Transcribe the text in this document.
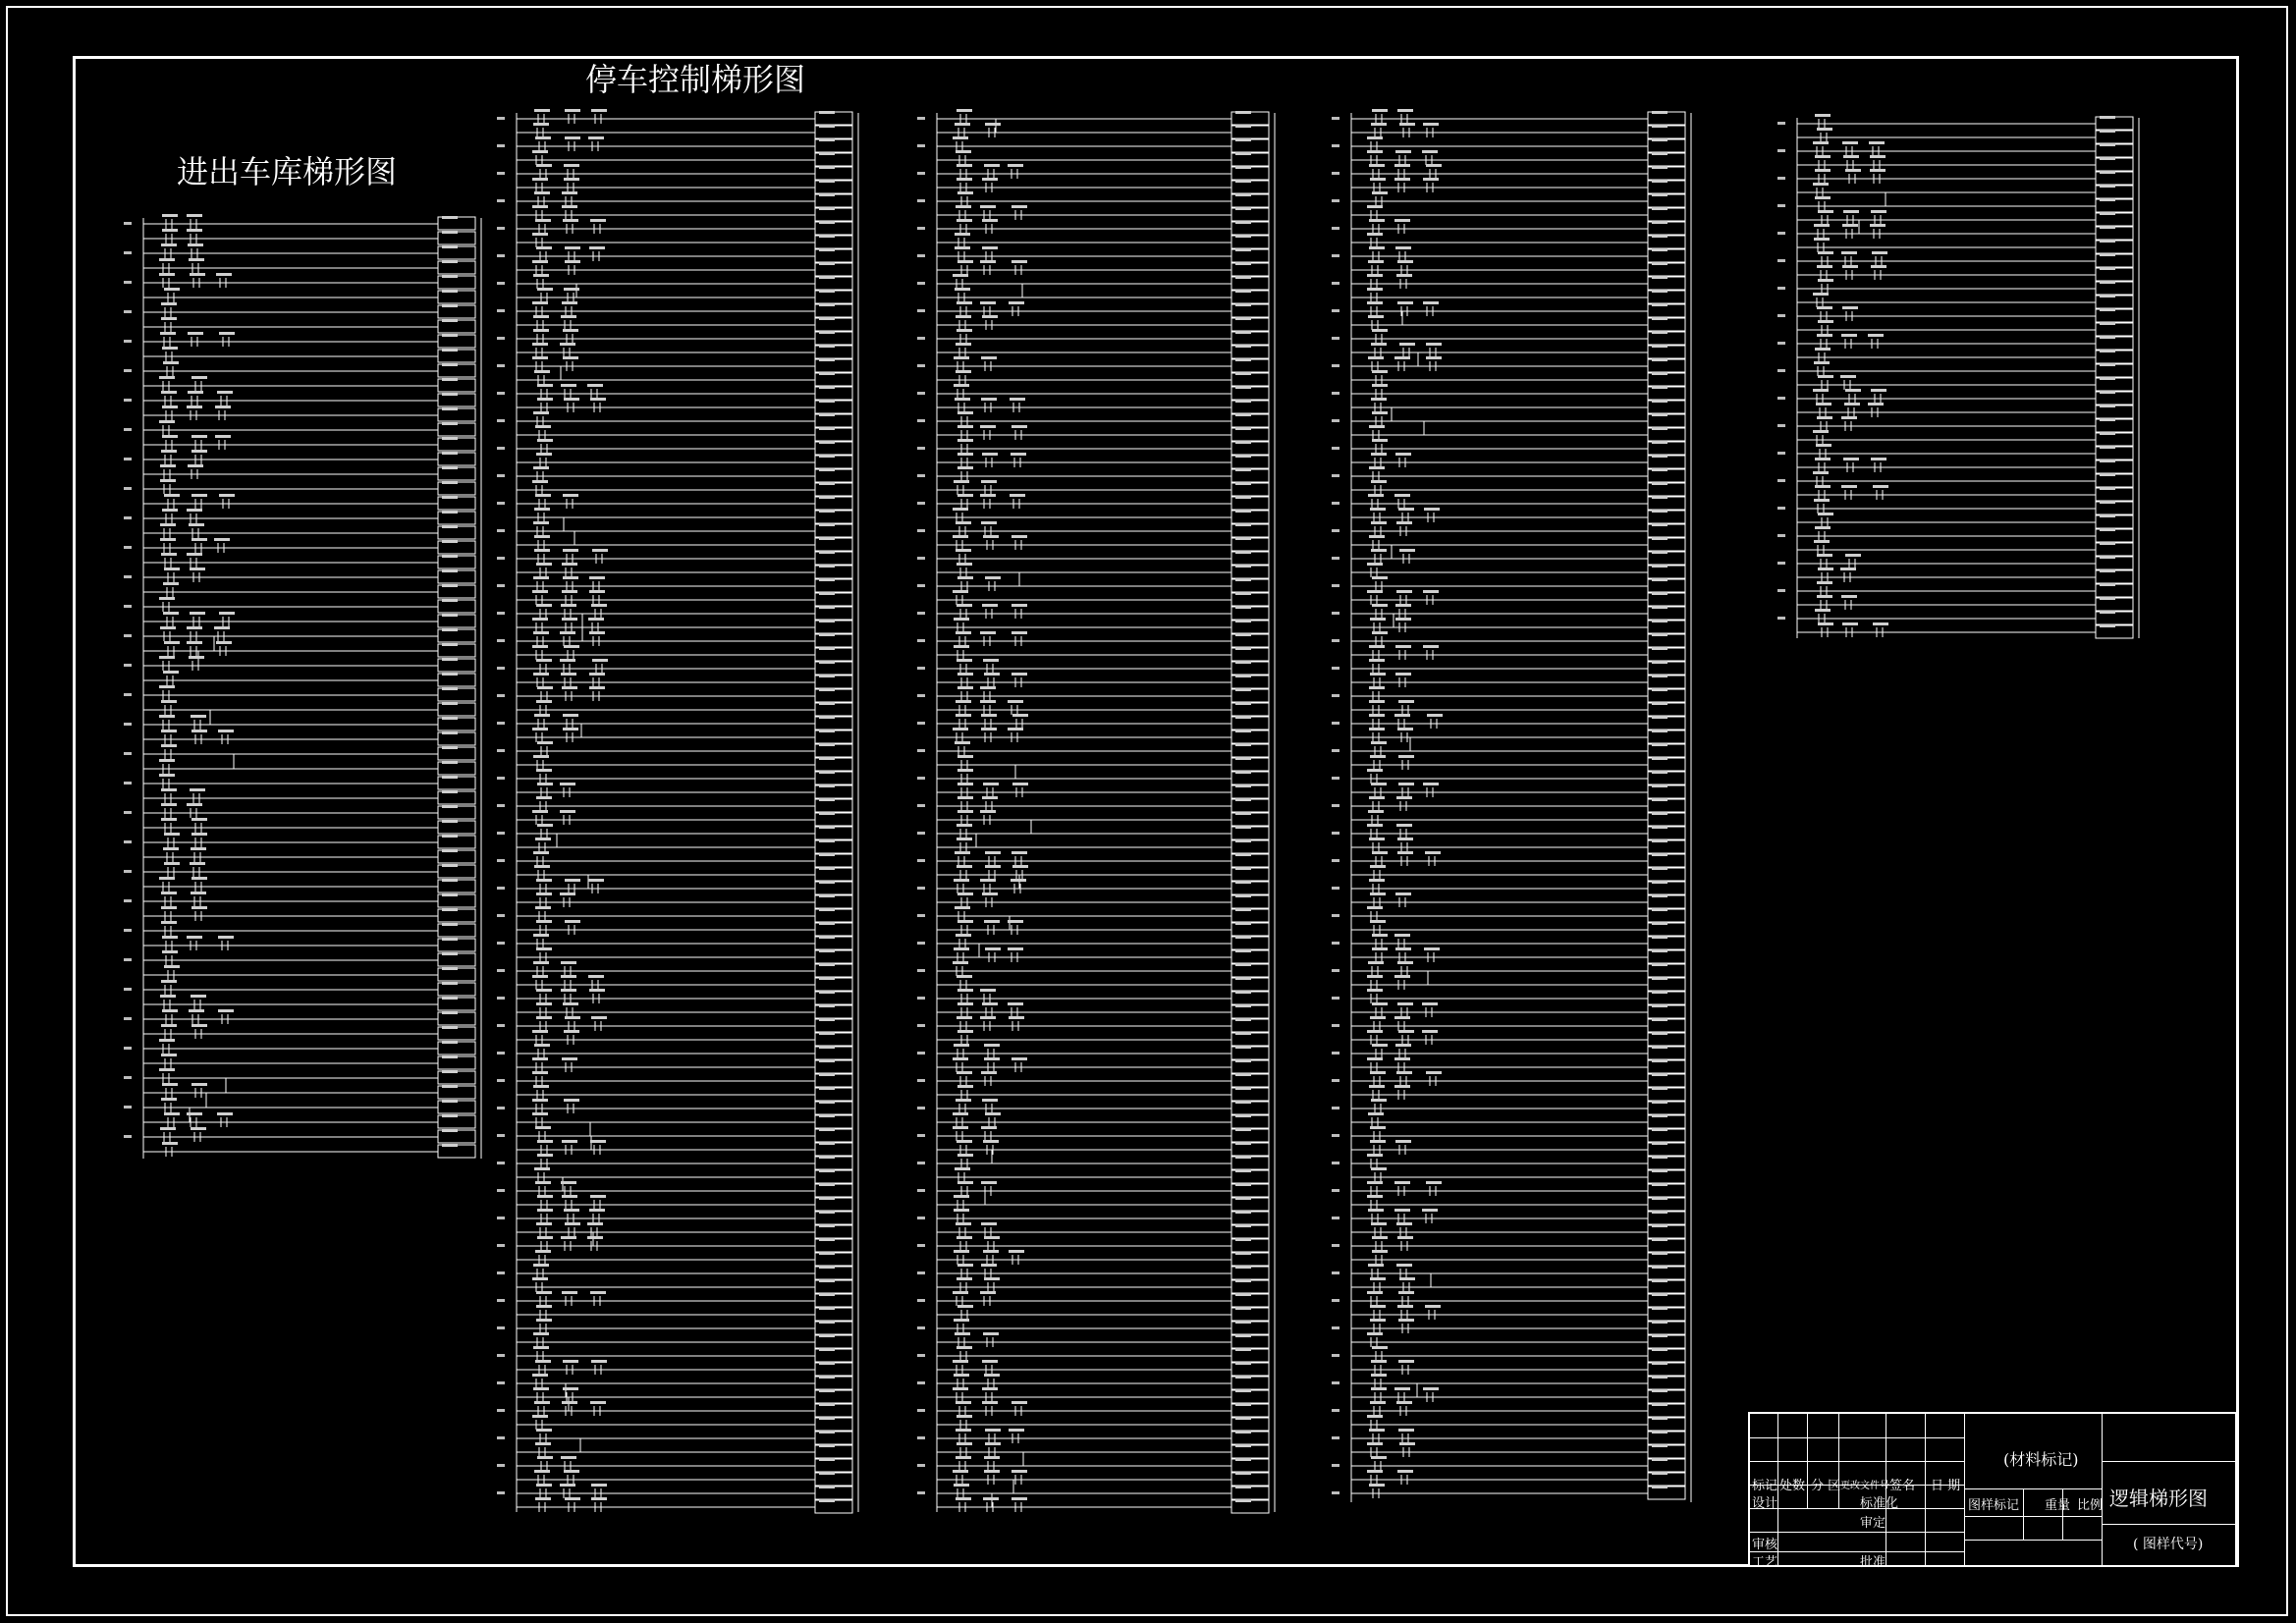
进出车库梯形图
停车控制梯形图
标记 处数 分 区 更改文件号 签名 日 期
设计	标准化
审定
审核
工艺	批准
(材料标记)
图样标记 重量 比例 逻辑梯形图
( 图样代号)
